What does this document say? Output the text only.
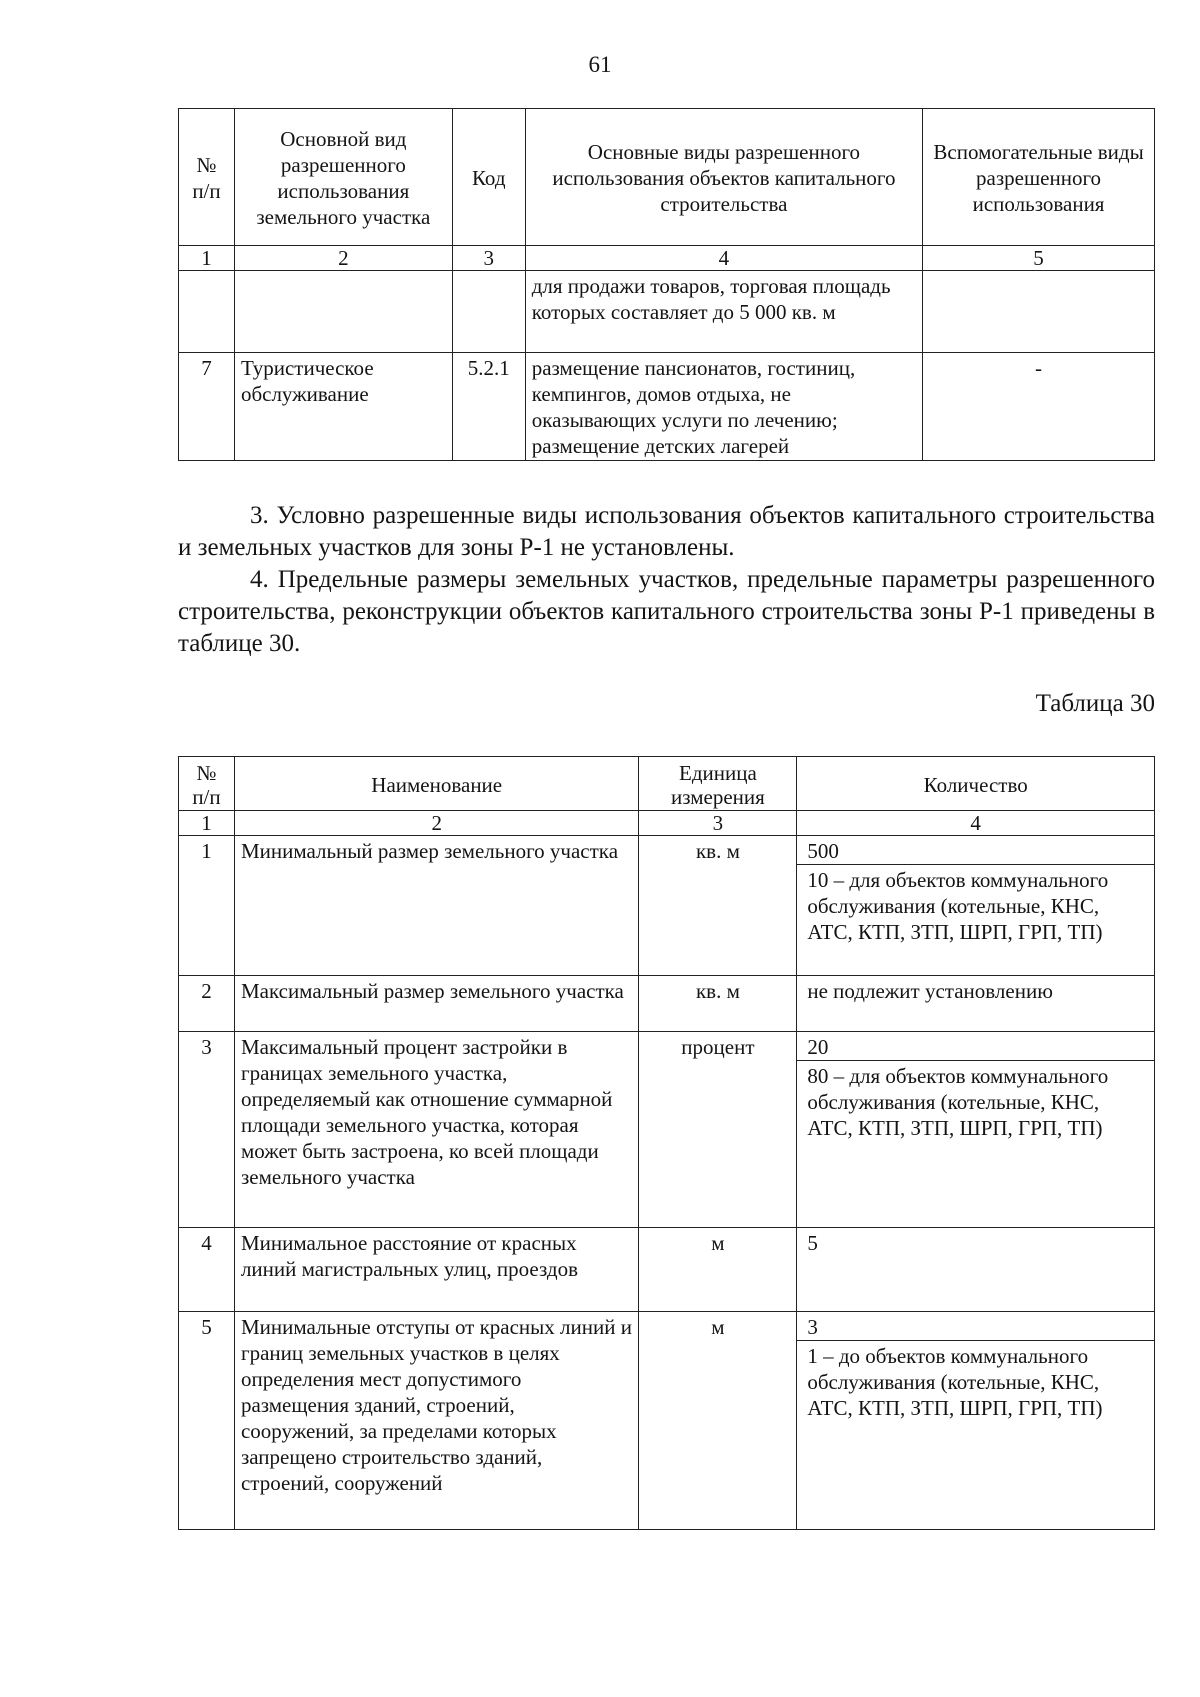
61
№
п/п	Основной вид разрешенного использования земельного участка	Код	Основные виды разрешенного использования объектов капитального строительства	Вспомогательные виды разрешенного использования
1	2	3	4	5
			для продажи товаров, торговая площадь которых составляет до 5 000 кв. м	
7	Туристическое обслуживание	5.2.1	размещение пансионатов, гостиниц, кемпингов, домов отдыха, не оказывающих услуги по лечению; размещение детских лагерей	-
3. Условно разрешенные виды использования объектов капитального строительства и земельных участков для зоны Р-1 не установлены.
4. Предельные размеры земельных участков, предельные параметры разрешенного строительства, реконструкции объектов капитального строительства зоны Р-1 приведены в таблице 30.
Таблица 30
№
п/п	Наименование	Единица измерения	Количество
1	2	3	4
1	Минимальный размер земельного участка	кв. м	500
10 – для объектов коммунального обслуживания (котельные, КНС, АТС, КТП, ЗТП, ШРП, ГРП, ТП)

2	Максимальный размер земельного участка	кв. м	не подлежит установлению

3	Максимальный процент застройки в границах земельного участка, определяемый как отношение суммарной площади земельного участка, которая может быть застроена, ко всей площади земельного участка	процент	20
80 – для объектов коммунального обслуживания (котельные, КНС, АТС, КТП, ЗТП, ШРП, ГРП, ТП)

4	Минимальное расстояние от красных линий магистральных улиц, проездов	м	5

5	Минимальные отступы от красных линий и границ земельных участков в целях определения мест допустимого размещения зданий, строений, сооружений, за пределами которых запрещено строительство зданий, строений, сооружений	м	3
1 – до объектов коммунального обслуживания (котельные, КНС, АТС, КТП, ЗТП, ШРП, ГРП, ТП)
